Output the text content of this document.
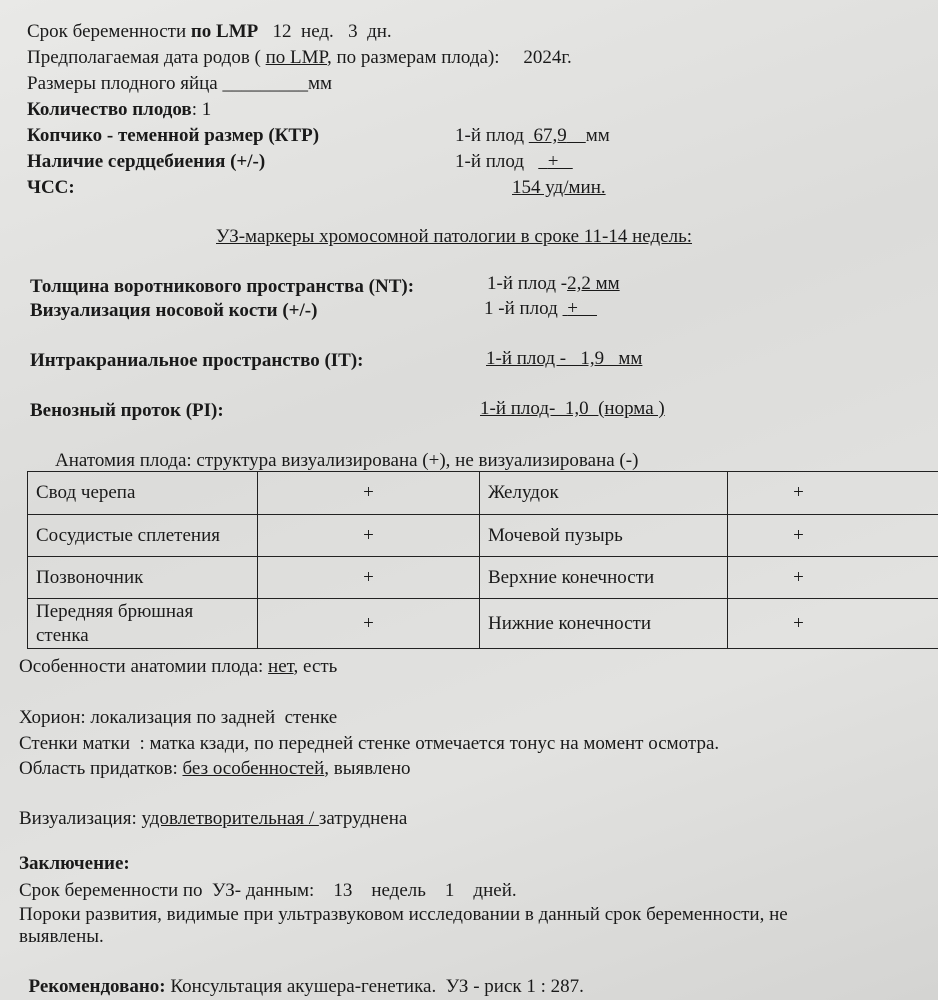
Срок беременности по LMP 12 нед. 3 дн.
Предполагаемая дата родов ( по LMP, по размерам плода): 2024г.
Размеры плодного яйца _________мм
Количество плодов: 1
Копчико - теменной размер (КТР)	1-й плод 67,9 мм
Наличие сердцебиения (+/-)	1-й плод +
ЧСС:	154 уд/мин.
УЗ-маркеры хромосомной патологии в сроке 11-14 недель:
Толщина воротникового пространства (NT):	1-й плод -2,2 мм
Визуализация носовой кости (+/-)	1 -й плод +
Интракраниальное пространство (IT):	1-й плод -   1,9   мм
Венозный проток (PI):	1-й плод-  1,0  (норма )
Анатомия плода: структура визуализирована (+), не визуализирована (-)
Свод черепа	+	Желудок	+
Сосудистые сплетения	+	Мочевой пузырь	+
Позвоночник	+	Верхние конечности	+
Передняя брюшная стенка	+	Нижние конечности	+
Особенности анатомии плода: нет, есть
Хорион: локализация по задней  стенке
Стенки матки  : матка кзади, по передней стенке отмечается тонус на момент осмотра.
Область придатков: без особенностей, выявлено
Визуализация: удовлетворительная / затруднена
Заключение:
Срок беременности по  УЗ- данным:    13    недель    1    дней.
Пороки развития, видимые при ультразвуковом исследовании в данный срок беременности, не
выявлены.

Рекомендовано: Консультация акушера-генетика.  УЗ - риск 1 : 287.
